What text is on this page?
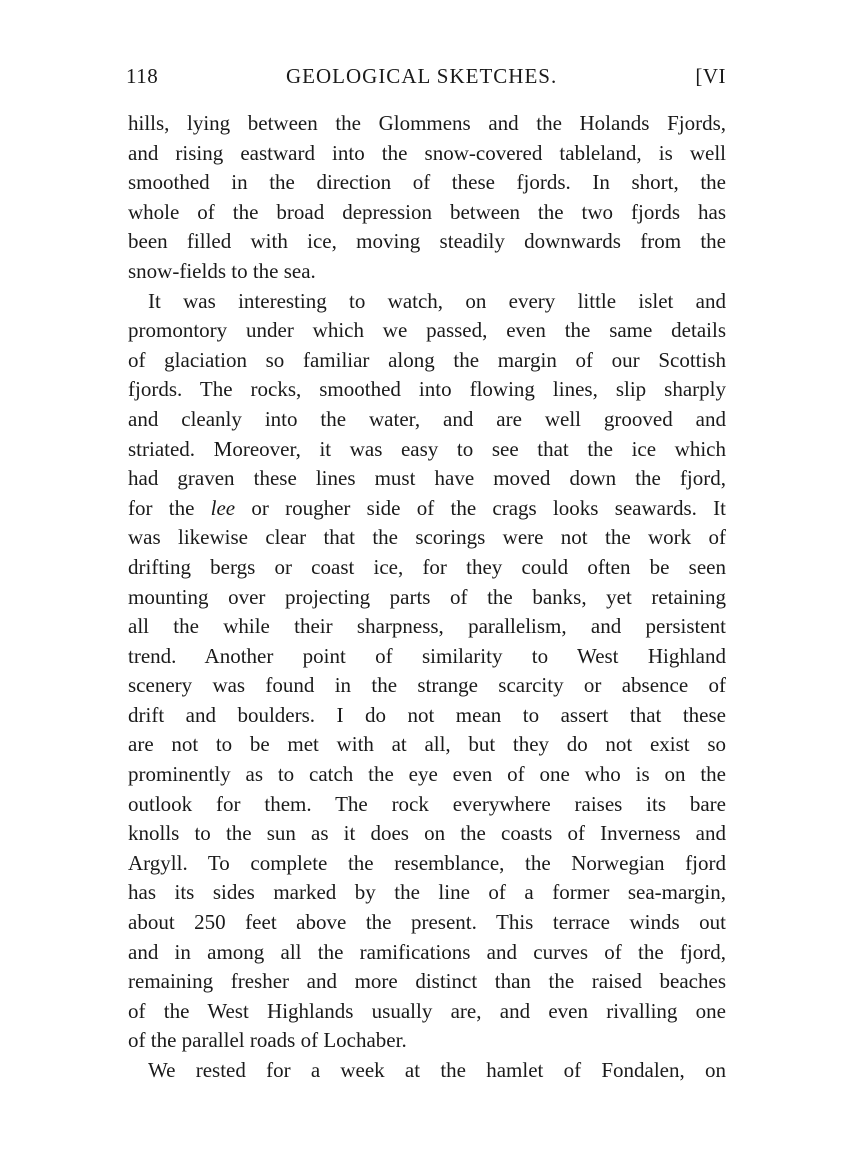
118	GEOLOGICAL SKETCHES.	[VI
hills, lying between the Glommens and the Holands Fjords,
and rising eastward into the snow-covered tableland, is well
smoothed in the direction of these fjords. In short, the
whole of the broad depression between the two fjords has
been filled with ice, moving steadily downwards from the
snow-fields to the sea.
It was interesting to watch, on every little islet and
promontory under which we passed, even the same details
of glaciation so familiar along the margin of our Scottish
fjords. The rocks, smoothed into flowing lines, slip sharply
and cleanly into the water, and are well grooved and
striated. Moreover, it was easy to see that the ice which
had graven these lines must have moved down the fjord,
for the lee or rougher side of the crags looks seawards. It
was likewise clear that the scorings were not the work of
drifting bergs or coast ice, for they could often be seen
mounting over projecting parts of the banks, yet retaining
all the while their sharpness, parallelism, and persistent
trend. Another point of similarity to West Highland
scenery was found in the strange scarcity or absence of
drift and boulders. I do not mean to assert that these
are not to be met with at all, but they do not exist so
prominently as to catch the eye even of one who is on the
outlook for them. The rock everywhere raises its bare
knolls to the sun as it does on the coasts of Inverness and
Argyll. To complete the resemblance, the Norwegian fjord
has its sides marked by the line of a former sea-margin,
about 250 feet above the present. This terrace winds out
and in among all the ramifications and curves of the fjord,
remaining fresher and more distinct than the raised beaches
of the West Highlands usually are, and even rivalling one
of the parallel roads of Lochaber.
We rested for a week at the hamlet of Fondalen, on
